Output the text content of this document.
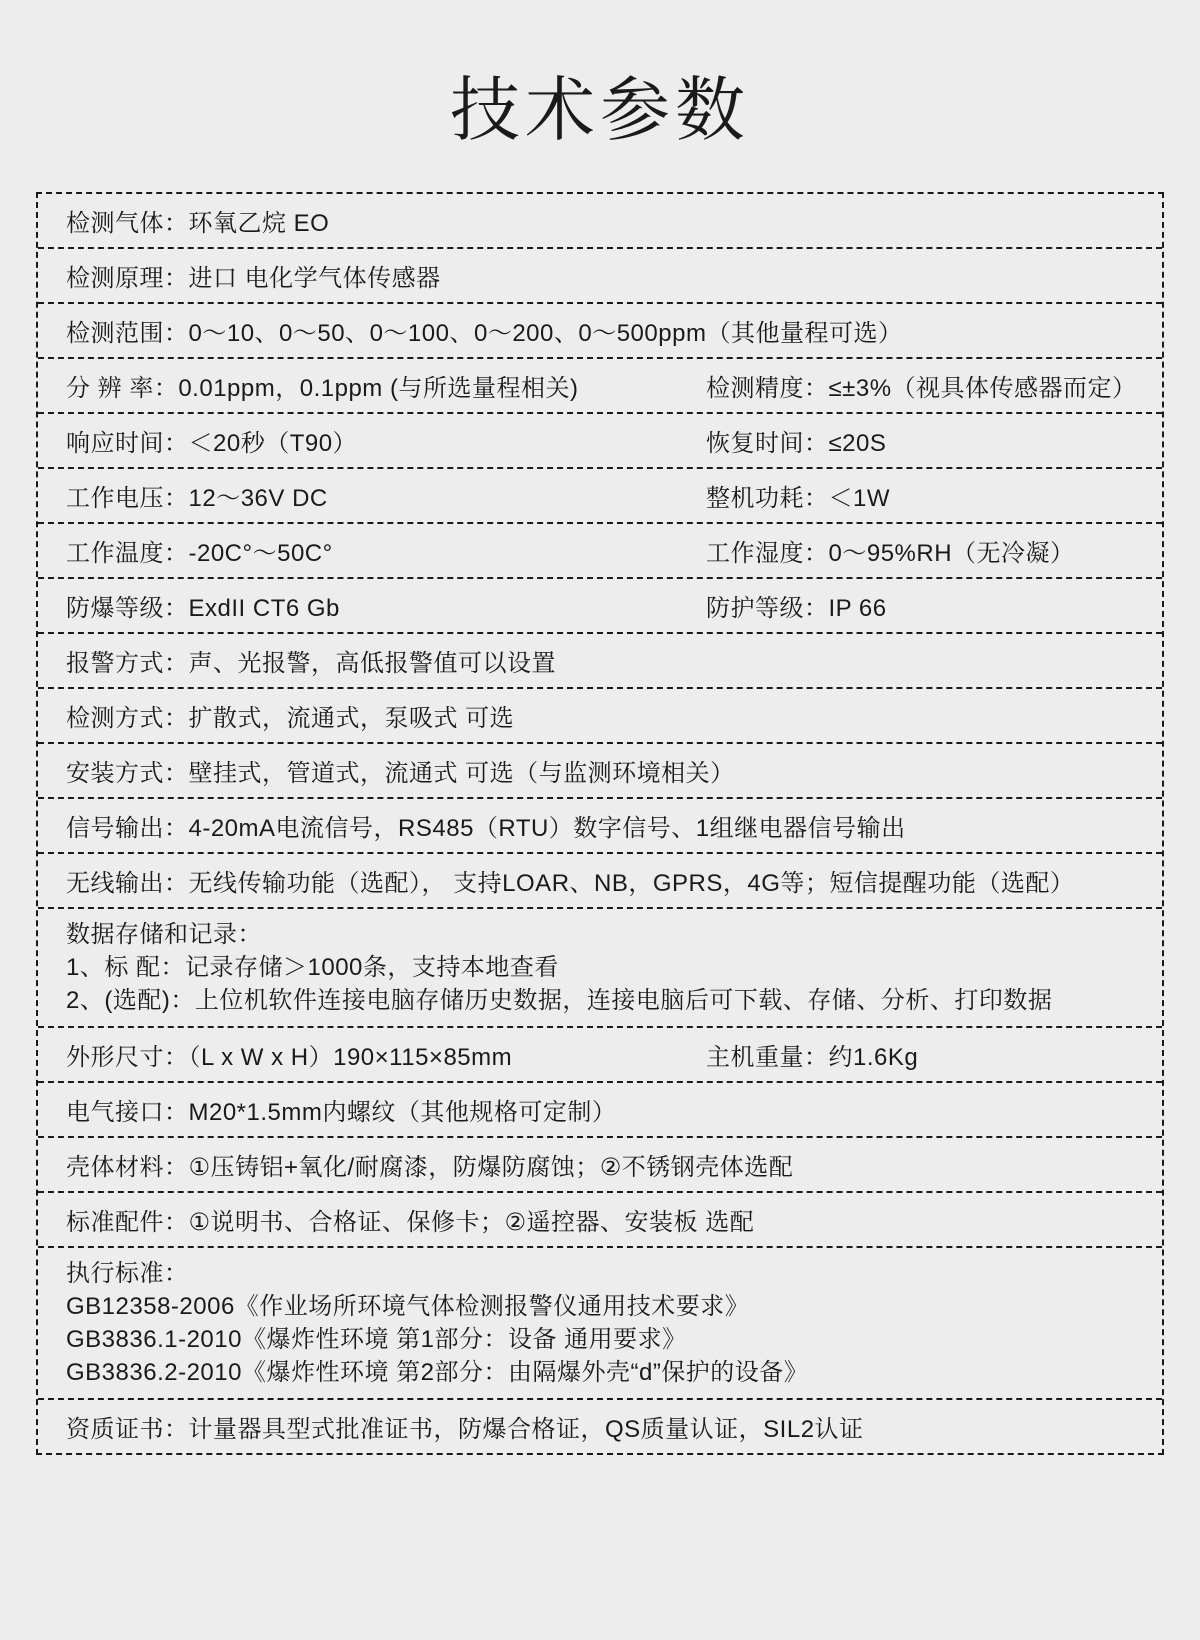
技术参数
检测气体：环氧乙烷 EO
检测原理：进口 电化学气体传感器
检测范围：0～10、0～50、0～100、0～200、0～500ppm（其他量程可选）
分 辨 率：0.01ppm，0.1ppm (与所选量程相关)	检测精度：≤±3%（视具体传感器而定）
响应时间：＜20秒（T90）	恢复时间：≤20S
工作电压：12～36V DC	整机功耗：＜1W
工作温度：-20C°～50C°	工作湿度：0～95%RH（无冷凝）
防爆等级：ExdII CT6 Gb	防护等级：IP 66
报警方式：声、光报警，高低报警值可以设置
检测方式：扩散式，流通式，泵吸式 可选
安装方式：壁挂式，管道式，流通式 可选（与监测环境相关）
信号输出：4-20mA电流信号，RS485（RTU）数字信号、1组继电器信号输出
无线输出：无线传输功能（选配）， 支持LOAR、NB，GPRS，4G等；短信提醒功能（选配）
数据存储和记录：
1、标 配：记录存储＞1000条，支持本地查看
2、(选配)：上位机软件连接电脑存储历史数据，连接电脑后可下载、存储、分析、打印数据
外形尺寸：（L x W x H）190×115×85mm	主机重量：约1.6Kg
电气接口：M20*1.5mm内螺纹（其他规格可定制）
壳体材料：①压铸铝+氧化/耐腐漆，防爆防腐蚀；②不锈钢壳体选配
标准配件：①说明书、合格证、保修卡；②遥控器、安装板 选配
执行标准：
GB12358-2006《作业场所环境气体检测报警仪通用技术要求》
GB3836.1-2010《爆炸性环境 第1部分：设备 通用要求》
GB3836.2-2010《爆炸性环境 第2部分：由隔爆外壳“d”保护的设备》
资质证书：计量器具型式批准证书，防爆合格证，QS质量认证，SIL2认证
